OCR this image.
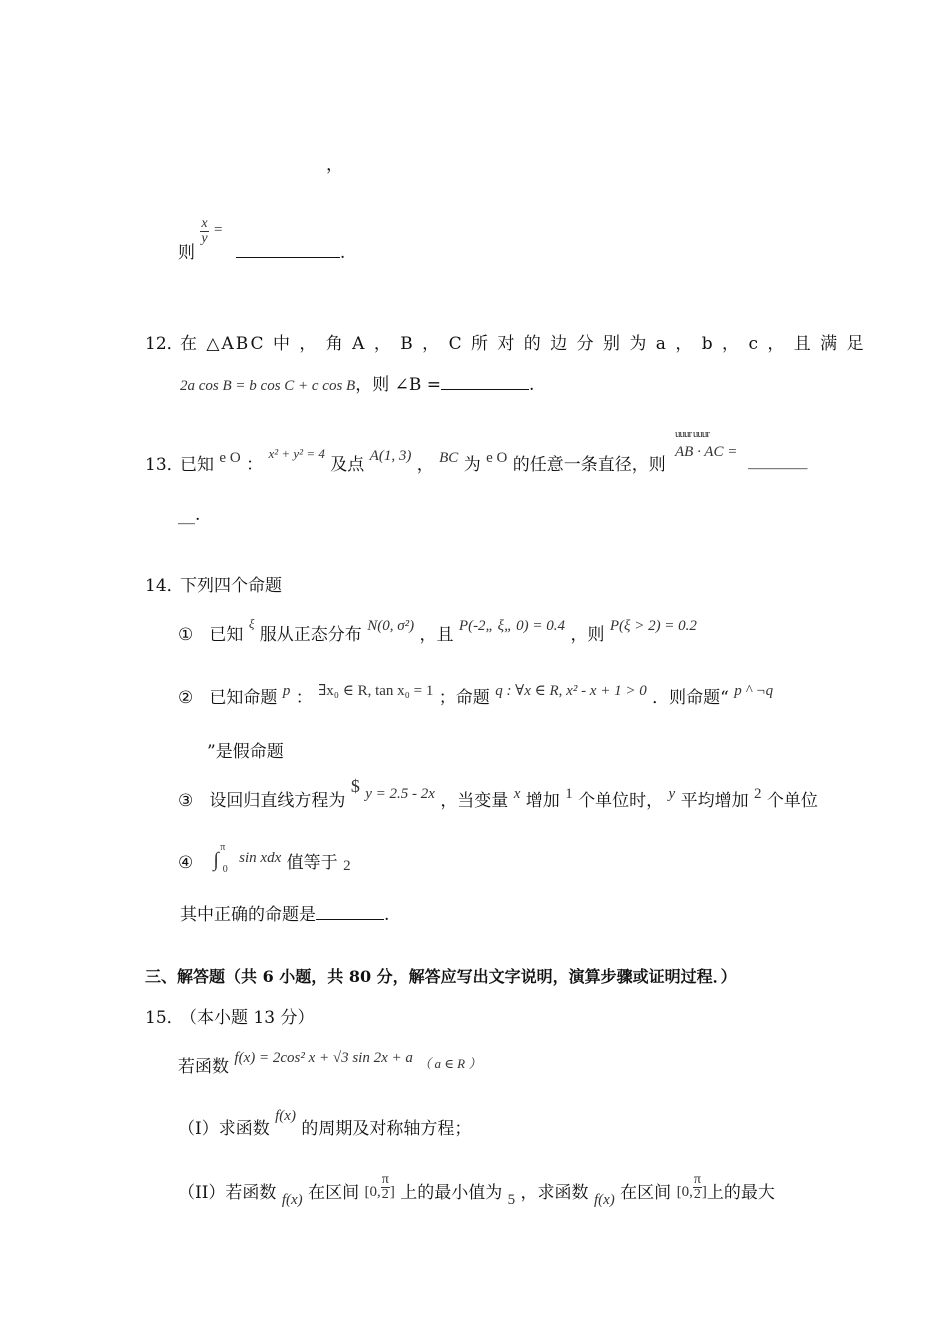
，
则
$\frac{x}{y}$ = .
12．
在 △ABC 中 ， 角 A ， B ， C 所 对 的 边 分 别 为 a ， b ， c ， 且 满 足
2a cos B = b cos C + c cos B，则 ∠B =	.
13．
已知 e O ： x² + y² = 4 及点 A(1, 3) ， BC 为 e O 的任意一条直径，则
uuur uuur
AB · AC = _______
__.
14．
下列四个命题
① 已知 ξ 服从正态分布 N(0, σ²) ，且 P(-2„ ξ„ 0) = 0.4 ，则 P(ξ > 2) = 0.2
② 已知命题 p ： ∃x₀ ∈ R, tan x₀ = 1 ；命题 q : ∀x ∈ R, x² - x + 1 > 0 ．则命题“ p ^ ¬q
”是假命题
③ 设回归直线方程为 $ y = 2.5 - 2x ，当变量 x 增加 1 个单位时， y 平均增加 2 个单位
④ ∫ $^\pi$ $_0$ sin xdx 值等于 2
其中正确的命题是	.
三、解答题（共 6 小题，共 80 分，解答应写出文字说明，演算步骤或证明过程．）
15．
（本小题 13 分）
若函数 f(x) = 2cos² x + √3 sin 2x + a $_{( a \in R )}$
（I）求函数 f(x) 的周期及对称轴方程；
（II）若函数 f(x) 在区间 [0, $\frac{\pi}{2}$ ] 上的最小值为 5 ，求函数 f(x) 在区间 [0, $\frac{\pi}{2}$ ]上的最大
